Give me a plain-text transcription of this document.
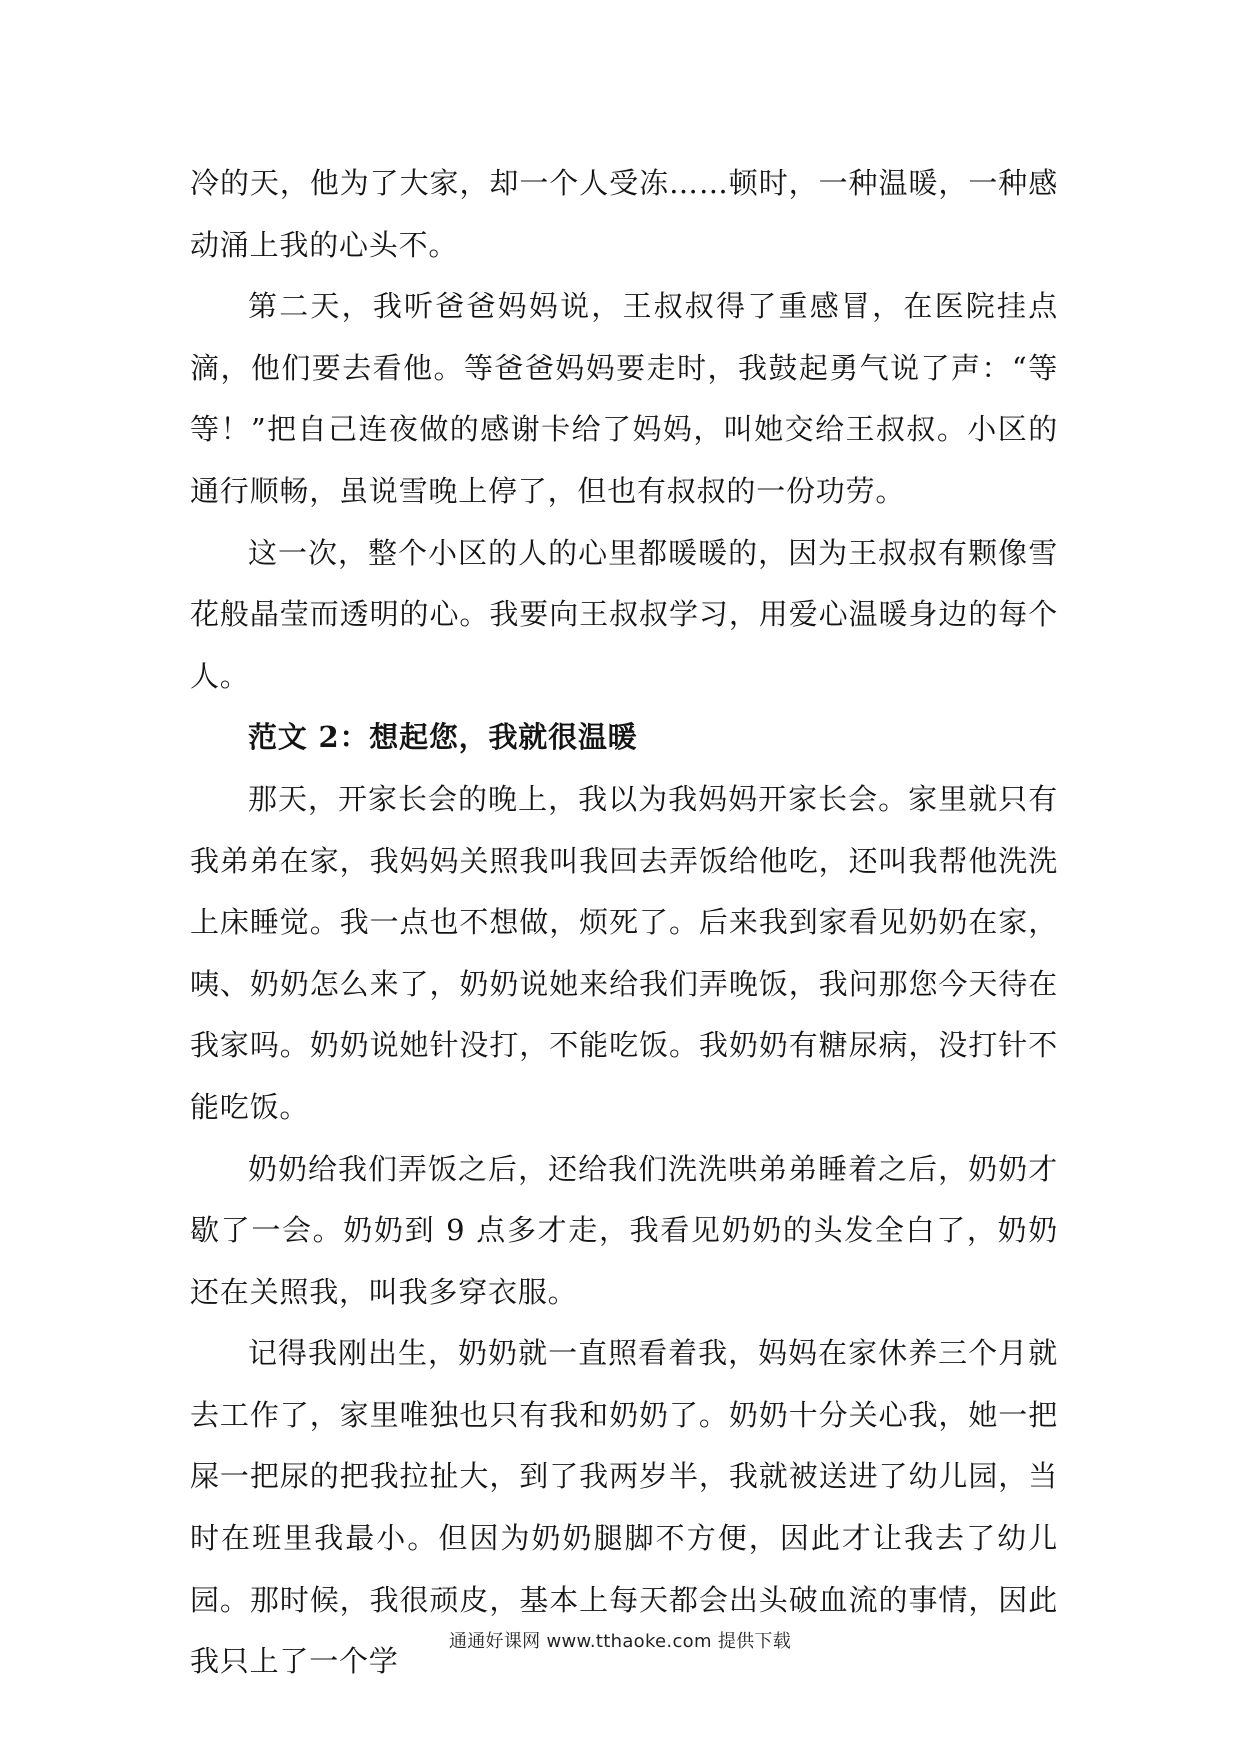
冷的天，他为了大家，却一个人受冻……顿时，一种温暖，一种感动涌上我的心头不。

第二天，我听爸爸妈妈说，王叔叔得了重感冒，在医院挂点滴，他们要去看他。等爸爸妈妈要走时，我鼓起勇气说了声：“等等！”把自己连夜做的感谢卡给了妈妈，叫她交给王叔叔。小区的通行顺畅，虽说雪晚上停了，但也有叔叔的一份功劳。

这一次，整个小区的人的心里都暖暖的，因为王叔叔有颗像雪花般晶莹而透明的心。我要向王叔叔学习，用爱心温暖身边的每个人。

范文 2：想起您，我就很温暖

那天，开家长会的晚上，我以为我妈妈开家长会。家里就只有我弟弟在家，我妈妈关照我叫我回去弄饭给他吃，还叫我帮他洗洗上床睡觉。我一点也不想做，烦死了。后来我到家看见奶奶在家，咦、奶奶怎么来了，奶奶说她来给我们弄晚饭，我问那您今天待在我家吗。奶奶说她针没打，不能吃饭。我奶奶有糖尿病，没打针不能吃饭。

奶奶给我们弄饭之后，还给我们洗洗哄弟弟睡着之后，奶奶才歇了一会。奶奶到 9 点多才走，我看见奶奶的头发全白了，奶奶还在关照我，叫我多穿衣服。

记得我刚出生，奶奶就一直照看着我，妈妈在家休养三个月就去工作了，家里唯独也只有我和奶奶了。奶奶十分关心我，她一把屎一把尿的把我拉扯大，到了我两岁半，我就被送进了幼儿园，当时在班里我最小。但因为奶奶腿脚不方便，因此才让我去了幼儿园。那时候，我很顽皮，基本上每天都会出头破血流的事情，因此我只上了一个学

通通好课网 www.tthaoke.com 提供下载
